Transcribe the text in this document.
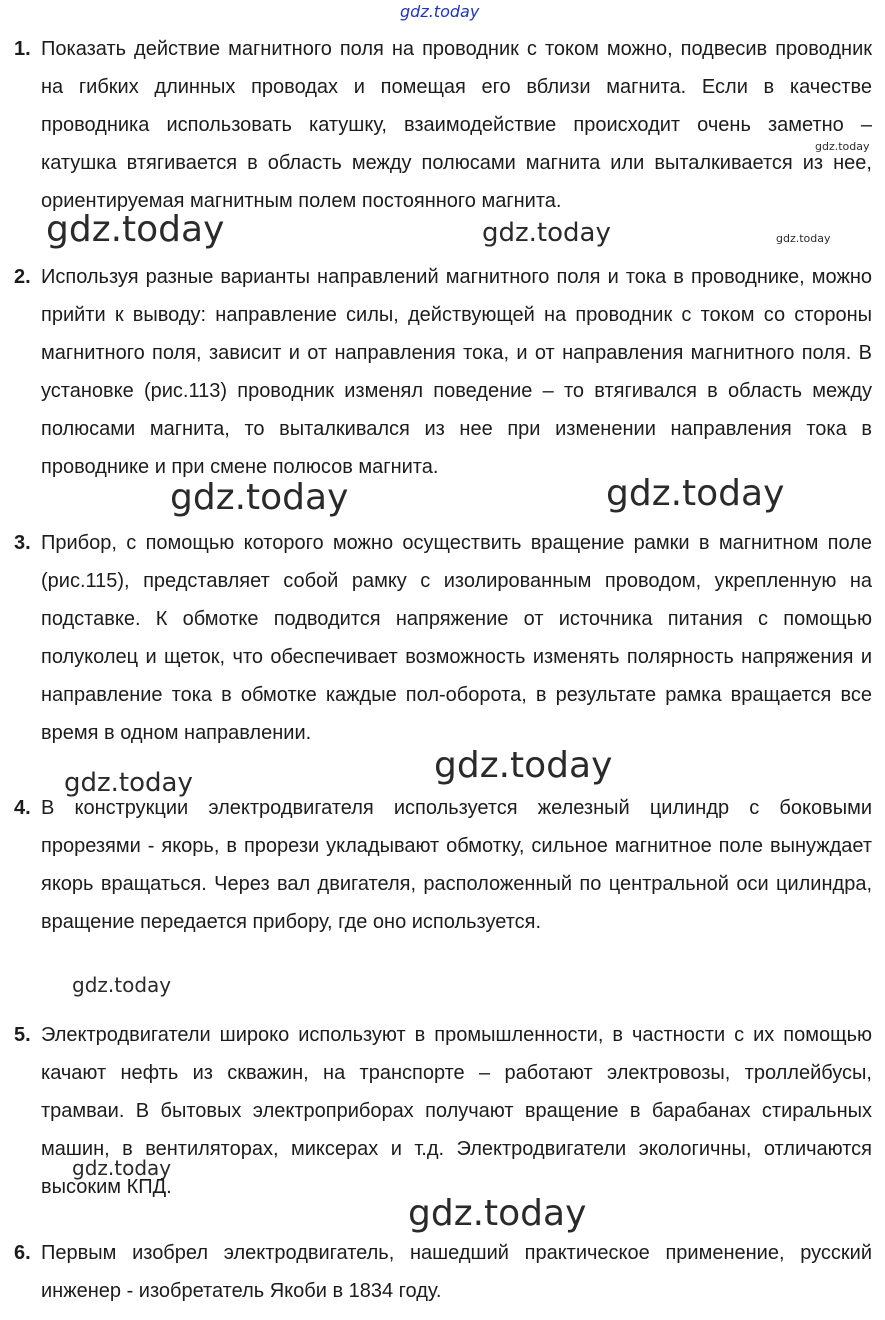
gdz.today
gdz.today
gdz.today	gdz.today	gdz.today
gdz.today	gdz.today
gdz.today
gdz.today
gdz.today
gdz.today
gdz.today
1. Показать действие магнитного поля на проводник с током можно, подвесив проводник на гибких длинных проводах и помещая его вблизи магнита. Если в качестве проводника использовать катушку, взаимодействие происходит очень заметно – катушка втягивается в область между полюсами магнита или выталкивается из нее, ориентируемая магнитным полем постоянного магнита.
2. Используя разные варианты направлений магнитного поля и тока в проводнике, можно прийти к выводу: направление силы, действующей на проводник с током со стороны магнитного поля, зависит и от направления тока, и от направления магнитного поля. В установке (рис.113) проводник изменял поведение – то втягивался в область между полюсами магнита, то выталкивался из нее при изменении направления тока в проводнике и при смене полюсов магнита.
3. Прибор, с помощью которого можно осуществить вращение рамки в магнитном поле (рис.115), представляет собой рамку с изолированным проводом, укрепленную на подставке. К обмотке подводится напряжение от источника питания с помощью полуколец и щеток, что обеспечивает возможность изменять полярность напряжения и направление тока в обмотке каждые пол-оборота, в результате рамка вращается все время в одном направлении.
4. В конструкции электродвигателя используется железный цилиндр с боковыми прорезями - якорь, в прорези укладывают обмотку, сильное магнитное поле вынуждает якорь вращаться. Через вал двигателя, расположенный по центральной оси цилиндра, вращение передается прибору, где оно используется.
5. Электродвигатели широко используют в промышленности, в частности с их помощью качают нефть из скважин, на транспорте – работают электровозы, троллейбусы, трамваи. В бытовых электроприборах получают вращение в барабанах стиральных машин, в вентиляторах, миксерах и т.д. Электродвигатели экологичны, отличаются высоким КПД.
6. Первым изобрел электродвигатель, нашедший практическое применение, русский инженер - изобретатель Якоби в 1834 году.
